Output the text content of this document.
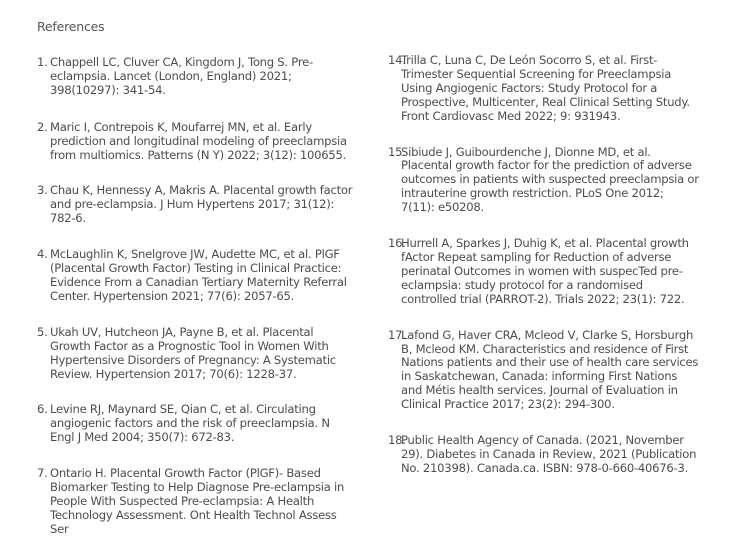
References
1. Chappell LC, Cluver CA, Kingdom J, Tong S. Pre-eclampsia. Lancet (London, England) 2021; 398(10297): 341-54.
2. Maric I, Contrepois K, Moufarrej MN, et al. Early prediction and longitudinal modeling of preeclampsia from multiomics. Patterns (N Y) 2022; 3(12): 100655.
3. Chau K, Hennessy A, Makris A. Placental growth factor and pre-eclampsia. J Hum Hypertens 2017; 31(12): 782-6.
4. McLaughlin K, Snelgrove JW, Audette MC, et al. PlGF (Placental Growth Factor) Testing in Clinical Practice: Evidence From a Canadian Tertiary Maternity Referral Center. Hypertension 2021; 77(6): 2057-65.
5. Ukah UV, Hutcheon JA, Payne B, et al. Placental Growth Factor as a Prognostic Tool in Women With Hypertensive Disorders of Pregnancy: A Systematic Review. Hypertension 2017; 70(6): 1228-37.
6. Levine RJ, Maynard SE, Qian C, et al. Circulating angiogenic factors and the risk of preeclampsia. N Engl J Med 2004; 350(7): 672-83.
7. Ontario H. Placental Growth Factor (PlGF)- Based Biomarker Testing to Help Diagnose Pre-eclampsia in People With Suspected Pre-eclampsia: A Health Technology Assessment. Ont Health Technol Assess Ser
14.
Trilla C, Luna C, De León Socorro S, et al. First-Trimester Sequential Screening for Preeclampsia Using Angiogenic Factors: Study Protocol for a Prospective, Multicenter, Real Clinical Setting Study. Front Cardiovasc Med 2022; 9: 931943.
15.
Sibiude J, Guibourdenche J, Dionne MD, et al. Placental growth factor for the prediction of adverse outcomes in patients with suspected preeclampsia or intrauterine growth restriction. PLoS One 2012; 7(11): e50208.
16.
Hurrell A, Sparkes J, Duhig K, et al. Placental growth fActor Repeat sampling for Reduction of adverse perinatal Outcomes in women with suspecTed pre-eclampsia: study protocol for a randomised controlled trial (PARROT-2). Trials 2022; 23(1): 722.
17.
Lafond G, Haver CRA, Mcleod V, Clarke S, Horsburgh B, Mcleod KM. Characteristics and residence of First Nations patients and their use of health care services in Saskatchewan, Canada: informing First Nations and Métis health services. Journal of Evaluation in Clinical Practice 2017; 23(2): 294-300.
18.
Public Health Agency of Canada. (2021, November 29). Diabetes in Canada in Review, 2021 (Publication No. 210398). Canada.ca. ISBN: 978-0-660-40676-3.
